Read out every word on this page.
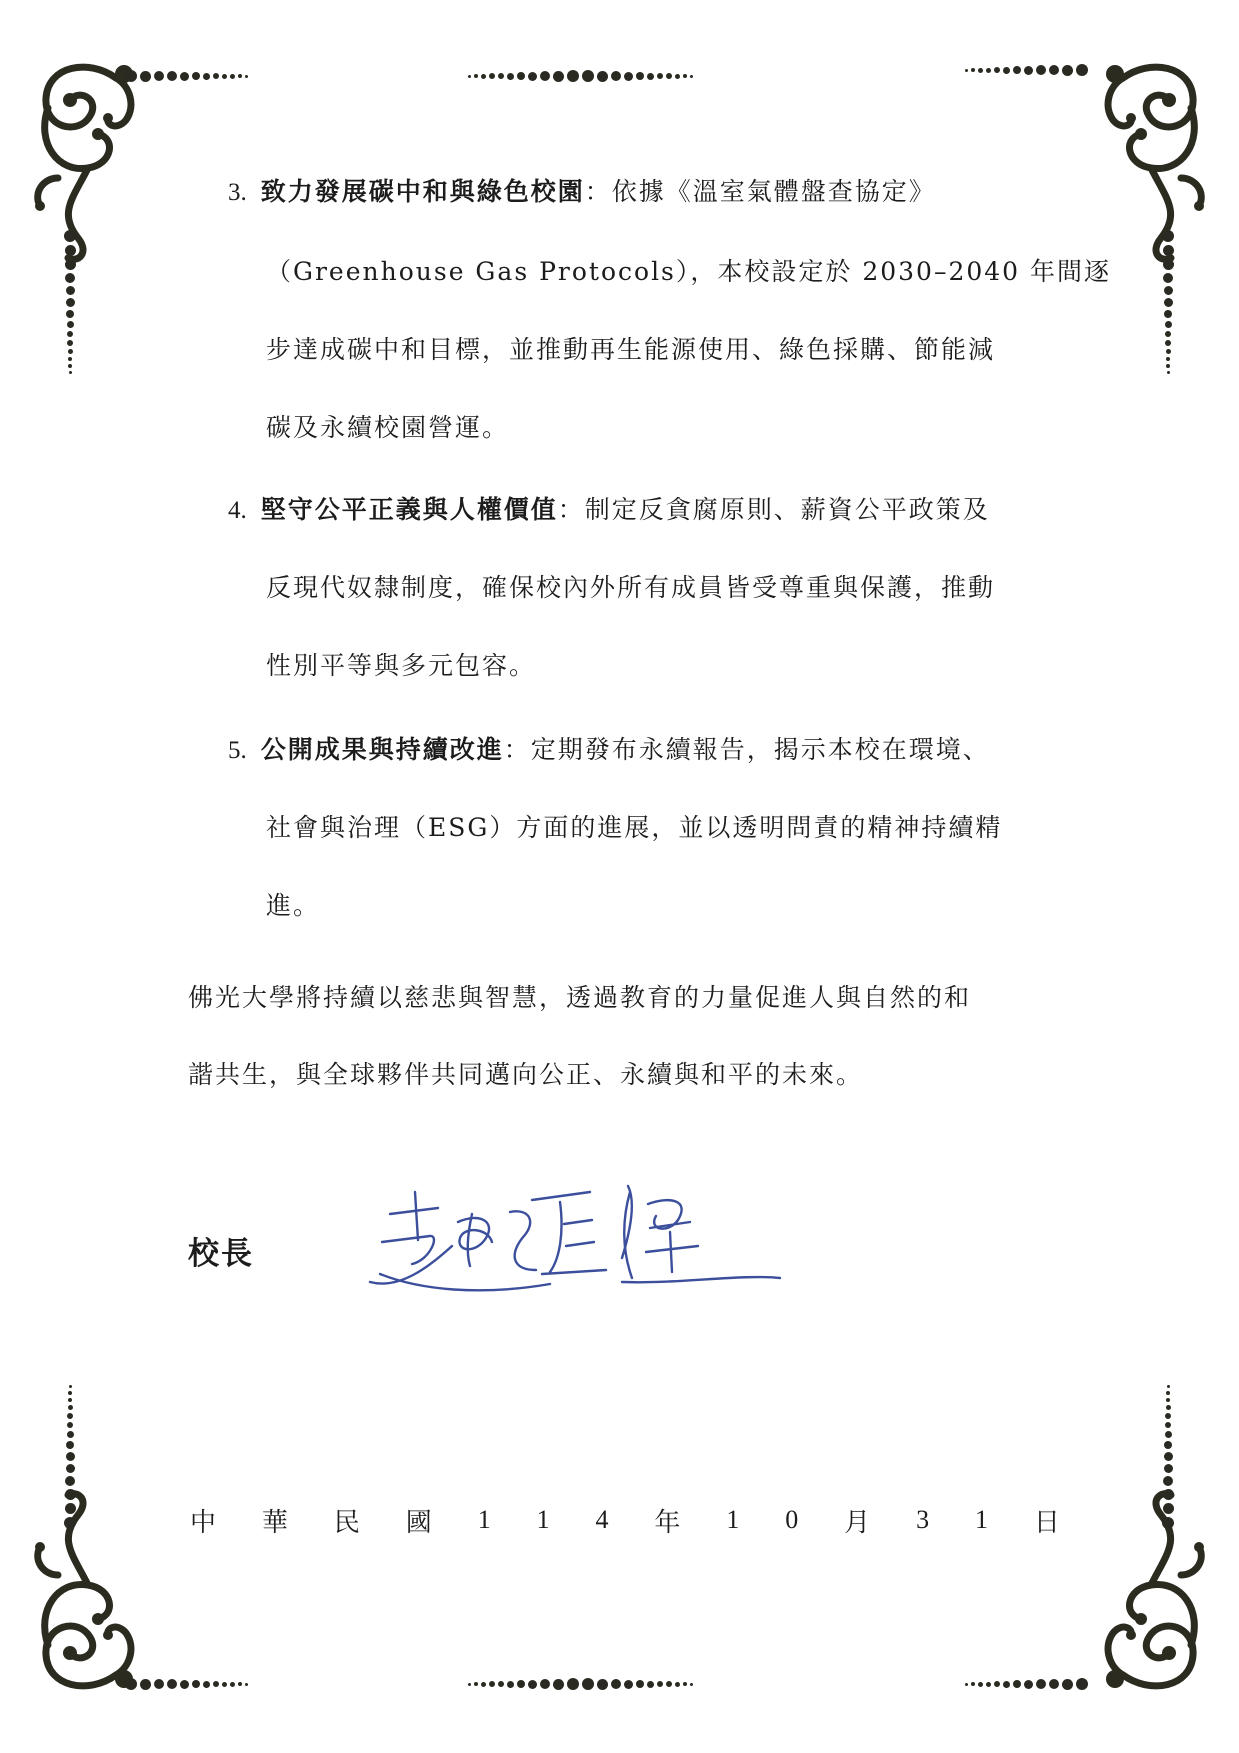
3. 致力發展碳中和與綠色校園：依據《溫室氣體盤查協定》
（Greenhouse Gas Protocols），本校設定於 2030–2040 年間逐
步達成碳中和目標，並推動再生能源使用、綠色採購、節能減
碳及永續校園營運。
4. 堅守公平正義與人權價值：制定反貪腐原則、薪資公平政策及
反現代奴隸制度，確保校內外所有成員皆受尊重與保護，推動
性別平等與多元包容。
5. 公開成果與持續改進：定期發布永續報告，揭示本校在環境、
社會與治理（ESG）方面的進展，並以透明問責的精神持續精
進。
佛光大學將持續以慈悲與智慧，透過教育的力量促進人與自然的和
諧共生，與全球夥伴共同邁向公正、永續與和平的未來。
校長
中 華 民 國 1 1 4 年 1 0 月 3 1 日
